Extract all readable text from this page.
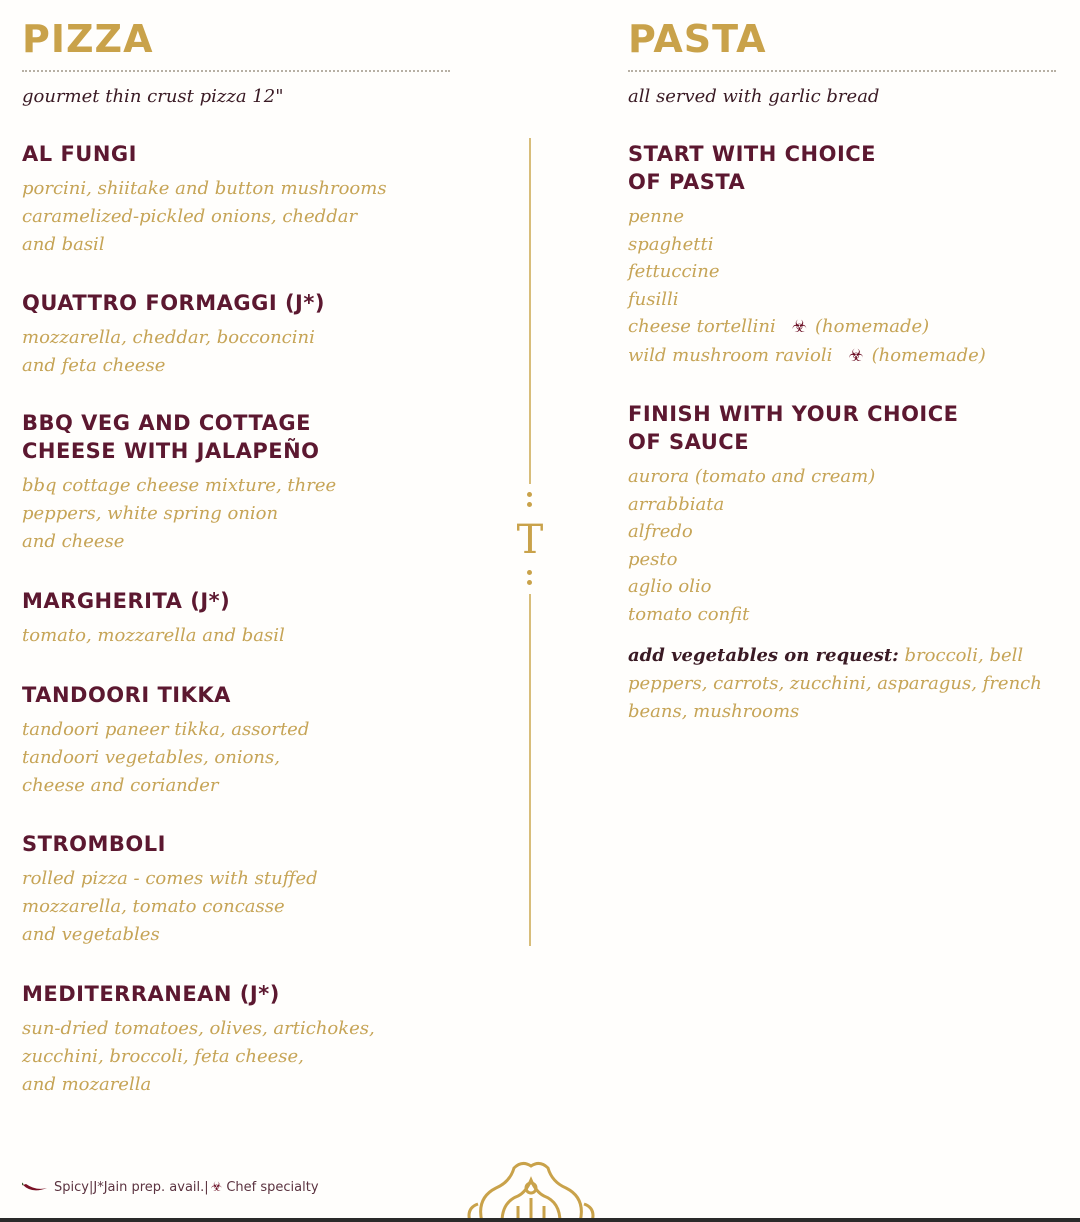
PIZZA
gourmet thin crust pizza 12"
AL FUNGI
porcini, shiitake and button mushrooms
caramelized-pickled onions, cheddar
and basil
QUATTRO FORMAGGI (J*)
mozzarella, cheddar, bocconcini
and feta cheese
BBQ VEG AND COTTAGE
CHEESE WITH JALAPEÑO
bbq cottage cheese mixture, three
peppers, white spring onion
and cheese
MARGHERITA (J*)
tomato, mozzarella and basil
TANDOORI TIKKA
tandoori paneer tikka, assorted
tandoori vegetables, onions,
cheese and coriander
STROMBOLI
rolled pizza - comes with stuffed
mozzarella, tomato concasse
and vegetables
MEDITERRANEAN (J*)
sun-dried tomatoes, olives, artichokes,
zucchini, broccoli, feta cheese,
and mozarella
T
PASTA
all served with garlic bread
START WITH CHOICE
OF PASTA
penne
spaghetti
fettuccine
fusilli
cheese tortellini ☣ (homemade)
wild mushroom ravioli ☣ (homemade)
FINISH WITH YOUR CHOICE
OF SAUCE
aurora (tomato and cream)
arrabbiata
alfredo
pesto
aglio olio
tomato confit
add vegetables on request: broccoli, bell peppers, carrots, zucchini, asparagus, french beans, mushrooms
Spicy | J*Jain prep. avail. | ☣ Chef specialty
